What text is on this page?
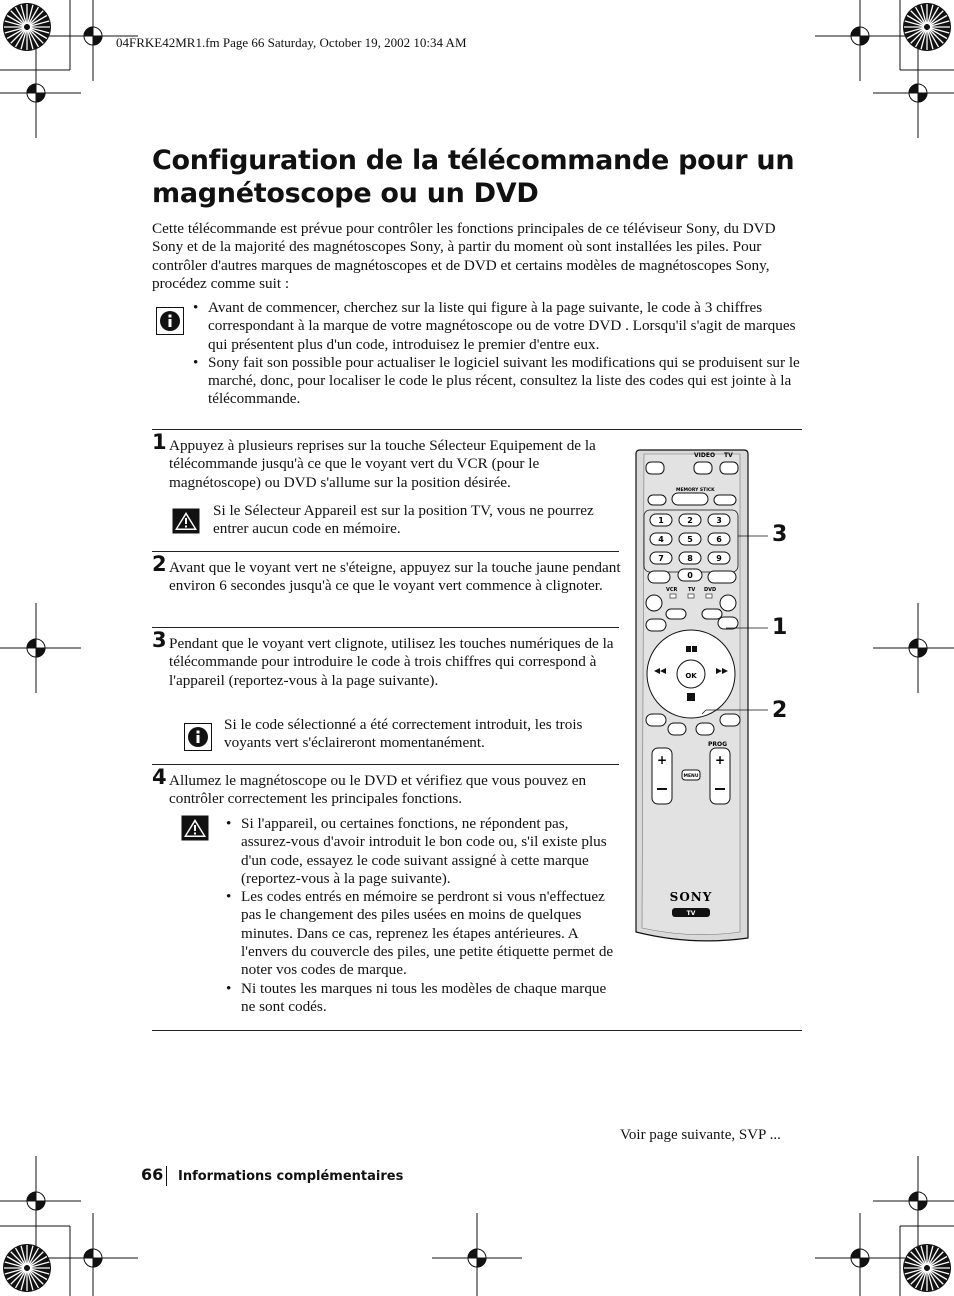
04FRKE42MR1.fm Page 66 Saturday, October 19, 2002 10:34 AM
Configuration de la télécommande pour un magnétoscope ou un DVD

Cette télécommande est prévue pour contrôler les fonctions principales de ce téléviseur Sony, du DVD Sony et de la majorité des magnétoscopes Sony, à partir du moment où sont installées les piles. Pour contrôler d'autres marques de magnétoscopes et de DVD et certains modèles de magnétoscopes Sony, procédez comme suit :

• Avant de commencer, cherchez sur la liste qui figure à la page suivante, le code à 3 chiffres correspondant à la marque de votre magnétoscope ou de votre DVD . Lorsqu'il s'agit de marques qui présentent plus d'un code, introduisez le premier d'entre eux.
• Sony fait son possible pour actualiser le logiciel suivant les modifications qui se produisent sur le marché, donc, pour localiser le code le plus récent, consultez la liste des codes qui est jointe à la télécommande.
1 Appuyez à plusieurs reprises sur la touche Sélecteur Equipement de la télécommande jusqu'à ce que le voyant vert du VCR (pour le magnétoscope) ou DVD s'allume sur la position désirée.

Si le Sélecteur Appareil est sur la position TV, vous ne pourrez entrer aucun code en mémoire.

2 Avant que le voyant vert ne s'éteigne, appuyez sur la touche jaune pendant environ 6 secondes jusqu'à ce que le voyant vert commence à clignoter.

3 Pendant que le voyant vert clignote, utilisez les touches numériques de la télécommande pour introduire le code à trois chiffres qui correspond à l'appareil (reportez-vous à la page suivante).

Si le code sélectionné a été correctement introduit, les trois voyants vert s'éclaireront momentanément.

4 Allumez le magnétoscope ou le DVD et vérifiez que vous pouvez en contrôler correctement les principales fonctions.

• Si l'appareil, ou certaines fonctions, ne répondent pas, assurez-vous d'avoir introduit le bon code ou, s'il existe plus d'un code, essayez le code suivant assigné à cette marque (reportez-vous à la page suivante).
• Les codes entrés en mémoire se perdront si vous n'effectuez pas le changement des piles usées en moins de quelques minutes. Dans ce cas, reprenez les étapes antérieures. A l'envers du couvercle des piles, une petite étiquette permet de noter vos codes de marque.
• Ni toutes les marques ni tous les modèles de chaque marque ne sont codés.
VIDEO TV
MEMORY STICK
1	2	3
4	5	6
7	8	9
0
VCR TV DVD
OK
PROG
+	+
MENU
SONY
TV
3
1
2
Voir page suivante, SVP ...
66 Informations complémentaires
